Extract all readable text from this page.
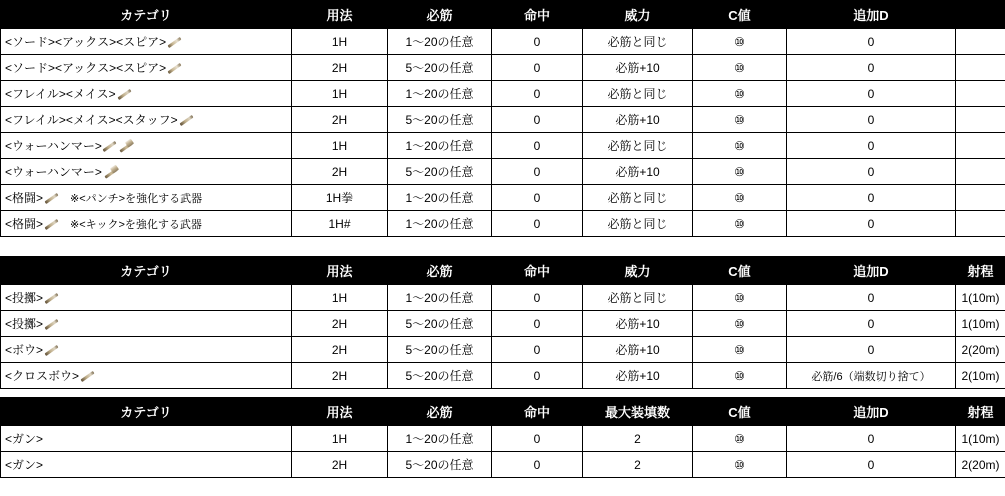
カテゴリ	用法	必筋	命中	威力	C値	追加D	
<ソード><アックス><スピア>	1H	1〜20の任意	0	必筋と同じ	⑩	0	
<ソード><アックス><スピア>	2H	5〜20の任意	0	必筋+10	⑩	0	
<フレイル><メイス>	1H	1〜20の任意	0	必筋と同じ	⑩	0	
<フレイル><メイス><スタッフ>	2H	5〜20の任意	0	必筋+10	⑩	0	
<ウォーハンマー>	1H	1〜20の任意	0	必筋と同じ	⑩	0	
<ウォーハンマー>	2H	5〜20の任意	0	必筋+10	⑩	0	
<格闘> ※<パンチ>を強化する武器	1H拳	1〜20の任意	0	必筋と同じ	⑩	0	
<格闘> ※<キック>を強化する武器	1H#	1〜20の任意	0	必筋と同じ	⑩	0	
カテゴリ	用法	必筋	命中	威力	C値	追加D	射程
<投擲>	1H	1〜20の任意	0	必筋と同じ	⑩	0	1(10m)
<投擲>	2H	5〜20の任意	0	必筋+10	⑩	0	1(10m)
<ボウ>	2H	5〜20の任意	0	必筋+10	⑩	0	2(20m)
<クロスボウ>	2H	5〜20の任意	0	必筋+10	⑩	必筋/6（端数切り捨て）	2(10m)
カテゴリ	用法	必筋	命中	最大装填数	C値	追加D	射程
<ガン>	1H	1〜20の任意	0	2	⑩	0	1(10m)
<ガン>	2H	5〜20の任意	0	2	⑩	0	2(20m)
